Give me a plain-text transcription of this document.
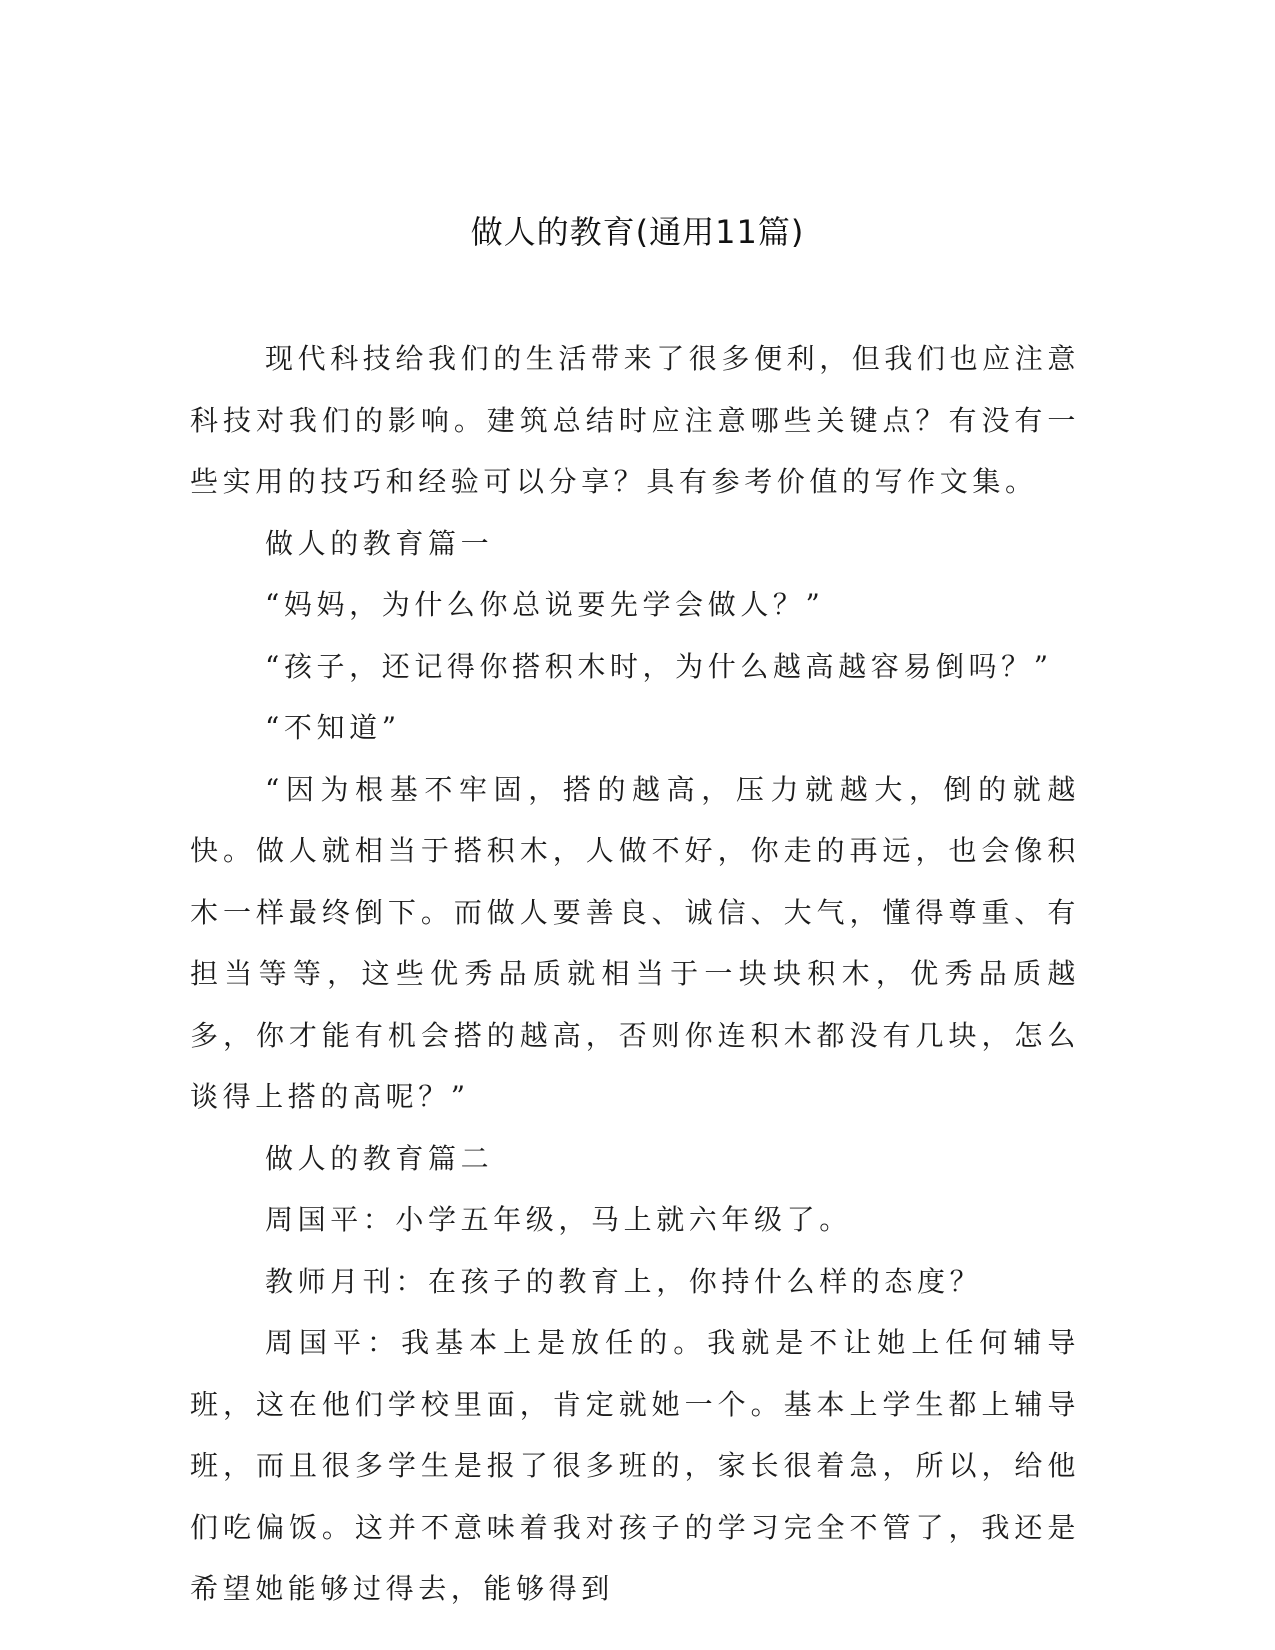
做人的教育(通用11篇)

现代科技给我们的生活带来了很多便利，但我们也应注意科技对我们的影响。建筑总结时应注意哪些关键点？有没有一些实用的技巧和经验可以分享？具有参考价值的写作文集。

做人的教育篇一

“妈妈，为什么你总说要先学会做人？”

“孩子，还记得你搭积木时，为什么越高越容易倒吗？”

“不知道”

“因为根基不牢固，搭的越高，压力就越大，倒的就越快。做人就相当于搭积木，人做不好，你走的再远，也会像积木一样最终倒下。而做人要善良、诚信、大气，懂得尊重、有担当等等，这些优秀品质就相当于一块块积木，优秀品质越多，你才能有机会搭的越高，否则你连积木都没有几块，怎么谈得上搭的高呢？”

做人的教育篇二

周国平：小学五年级，马上就六年级了。

教师月刊：在孩子的教育上，你持什么样的态度？

周国平：我基本上是放任的。我就是不让她上任何辅导班，这在他们学校里面，肯定就她一个。基本上学生都上辅导班，而且很多学生是报了很多班的，家长很着急，所以，给他们吃偏饭。这并不意味着我对孩子的学习完全不管了，我还是希望她能够过得去，能够得到
